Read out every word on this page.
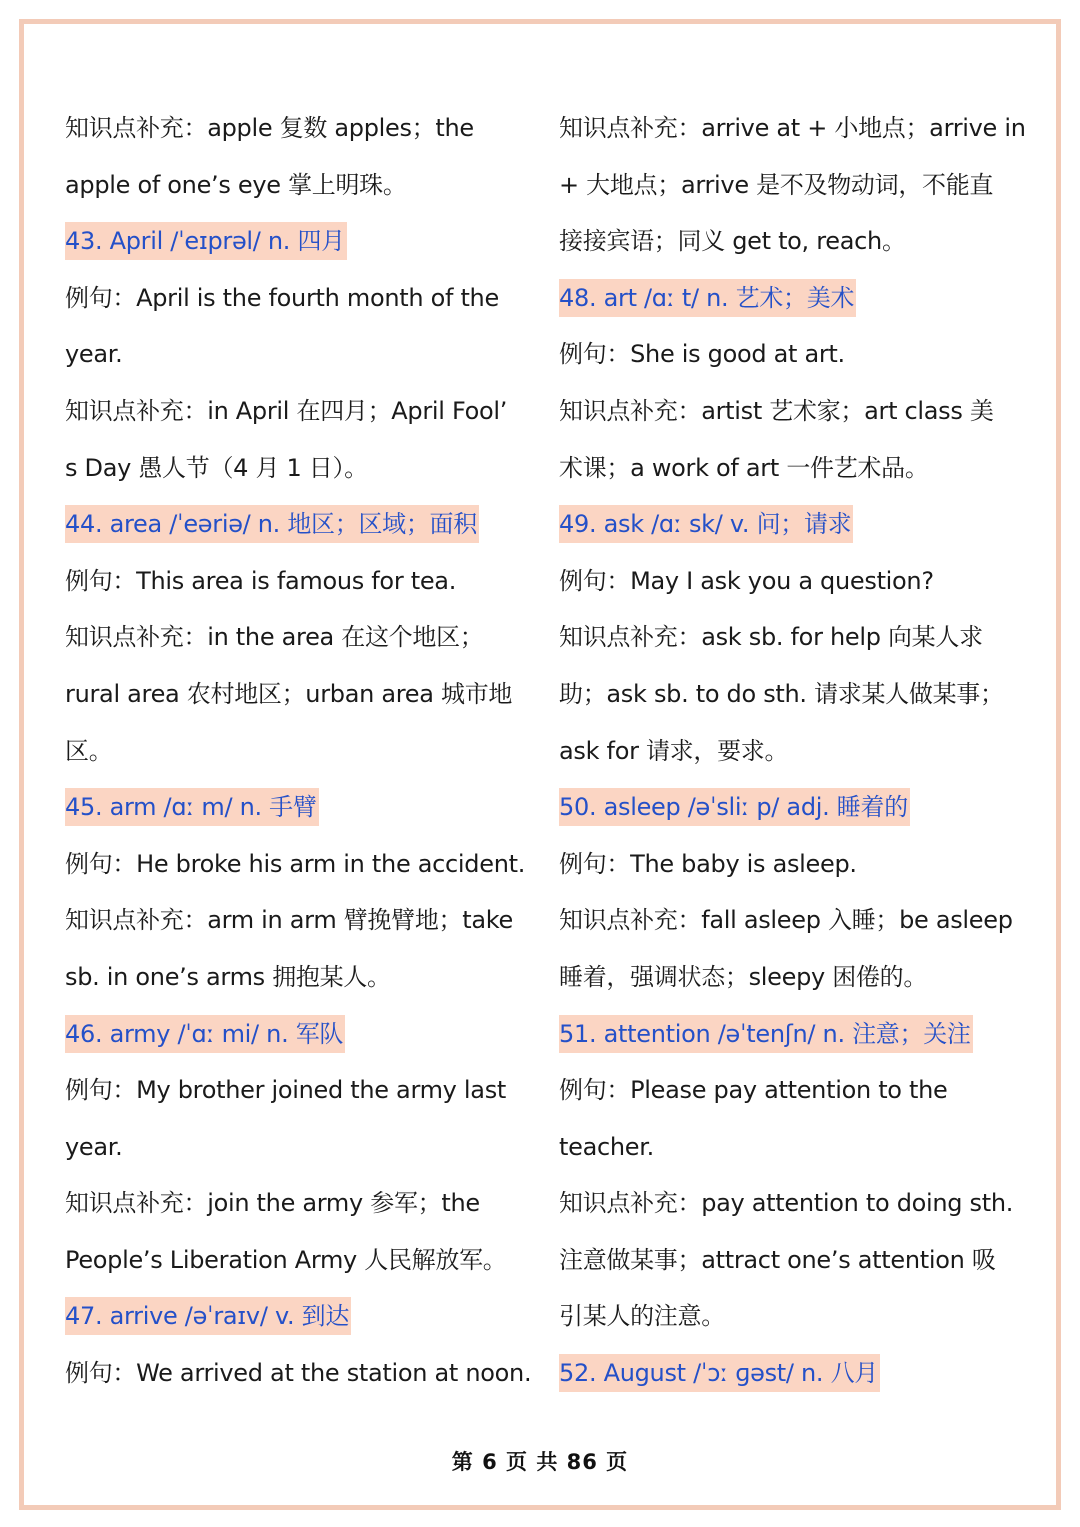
知识点补充：apple 复数 apples；the
apple of one’s eye 掌上明珠。
43. April /ˈeɪprəl/ n. 四月
例句：April is the fourth month of the
year.
知识点补充：in April 在四月；April Fool’
s Day 愚人节（4 月 1 日）。
44. area /ˈeəriə/ n. 地区；区域；面积
例句：This area is famous for tea.
知识点补充：in the area 在这个地区；
rural area 农村地区；urban area 城市地
区。
45. arm /ɑː m/ n. 手臂
例句：He broke his arm in the accident.
知识点补充：arm in arm 臂挽臂地；take
sb. in one’s arms 拥抱某人。
46. army /ˈɑː mi/ n. 军队
例句：My brother joined the army last
year.
知识点补充：join the army 参军；the
People’s Liberation Army 人民解放军。
47. arrive /əˈraɪv/ v. 到达
例句：We arrived at the station at noon.
知识点补充：arrive at + 小地点；arrive in
+ 大地点；arrive 是不及物动词，不能直
接接宾语；同义 get to, reach。
48. art /ɑː t/ n. 艺术；美术
例句：She is good at art.
知识点补充：artist 艺术家；art class 美
术课；a work of art 一件艺术品。
49. ask /ɑː sk/ v. 问；请求
例句：May I ask you a question?
知识点补充：ask sb. for help 向某人求
助；ask sb. to do sth. 请求某人做某事；
ask for 请求，要求。
50. asleep /əˈsliː p/ adj. 睡着的
例句：The baby is asleep.
知识点补充：fall asleep 入睡；be asleep
睡着，强调状态；sleepy 困倦的。
51. attention /əˈtenʃn/ n. 注意；关注
例句：Please pay attention to the
teacher.
知识点补充：pay attention to doing sth.
注意做某事；attract one’s attention 吸
引某人的注意。
52. August /ˈɔː ɡəst/ n. 八月
第 6 页 共 86 页
